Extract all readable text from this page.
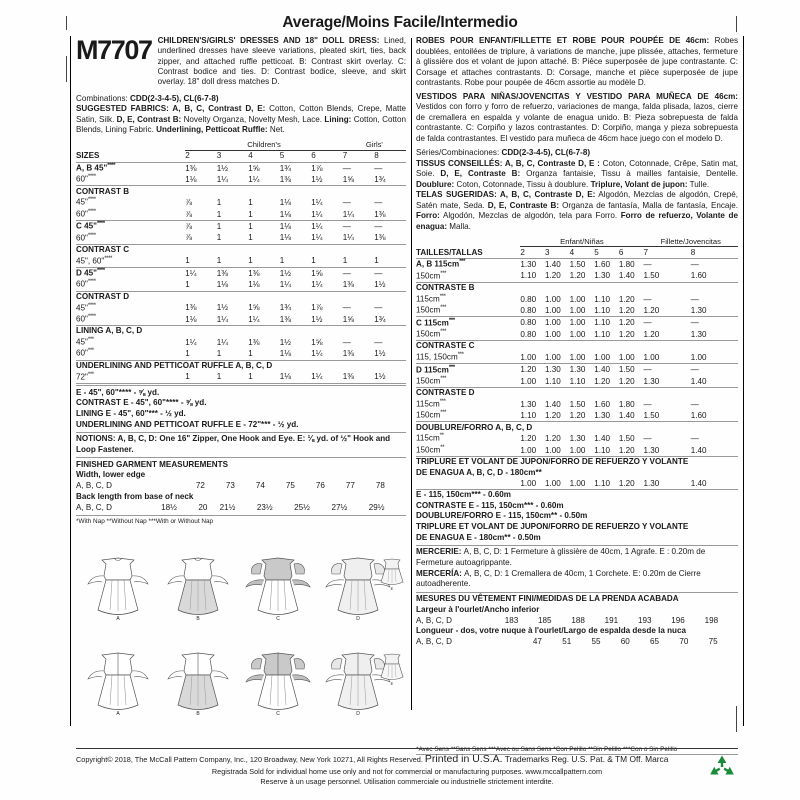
Average/Moins Facile/Intermedio
M7707 CHILDREN'S/GIRLS' DRESSES AND 18" DOLL DRESS: Lined, underlined dresses have sleeve variations, pleated skirt, ties, back zipper, and attached ruffle petticoat. B: Contrast skirt overlay. C: Contrast bodice and ties. D: Contrast bodice, sleeve, and skirt overlay. 18" doll dress matches D.
Combinations: CDD(2-3-4-5), CL(6-7-8)
SUGGESTED FABRICS: A, B, C, Contrast D, E: Cotton, Cotton Blends, Crepe, Matte Satin, Silk. D, E, Contrast B: Novelty Organza, Novelty Mesh, Lace. Lining: Cotton, Cotton Blends, Lining Fabric. Underlining, Petticoat Ruffle: Net.
	Children's					Girls'	
SIZES	2	3	4	5	6	7	8
A, B 45"****	1⅜	1½	1⅝	1¾	1⅞	—	—
60"****	1⅛	1¼	1¼	1⅜	1½	1⅝	1¾
CONTRAST B							
45"****	⅞	1	1	1⅛	1¼	—	—
60"****	⅞	1	1	1⅛	1¼	1¼	1⅜
C 45"****	⅞	1	1	1⅛	1¼	—	—
60"****	⅞	1	1	1⅛	1¼	1¼	1⅜
CONTRAST C							
45", 60"****	1	1	1	1	1	1	1
D 45"****	1¼	1⅜	1⅜	1½	1⅝	—	—
60"****	1	1⅛	1⅛	1¼	1¼	1⅜	1½
CONTRAST D							
45"****	1⅜	1½	1⅝	1¾	1⅞	—	—
60"****	1⅛	1¼	1¼	1⅜	1½	1⅝	1¾
LINING A, B, C, D							
45"***	1¼	1¼	1⅜	1½	1⅝	—	—
60"***	1	1	1	1⅛	1¼	1⅜	1½
UNDERLINING AND PETTICOAT RUFFLE A, B, C, D							
72"***	1	1	1	1⅛	1¼	1⅜	1½
E - 45", 60"**** - ⅝ yd.
CONTRAST E - 45", 60"**** - ⅝ yd.
LINING E - 45", 60"*** - ½ yd.
UNDERLINING AND PETTICOAT RUFFLE E - 72"*** - ½ yd.
NOTIONS: A, B, C, D: One 16" Zipper, One Hook and Eye. E: ⅛ yd. of ½" Hook and Loop Fastener.
FINISHED GARMENT MEASUREMENTS
Width, lower edge
A, B, C, D	72	73	74	75	76	77	78
Back length from base of neck
A, B, C, D	18½	20	21½	23½	25½	27½	29½
*With Nap **Without Nap ***With or Without Nap
A	B	C	D
E
A	B	C	D
E
ROBES POUR ENFANT/FILLETTE ET ROBE POUR POUPÉE DE 46cm: Robes doublées, entoilées de triplure, à variations de manche, jupe plissée, attaches, fermeture à glissière dos et volant de jupon attaché. B: Pièce superposée de jupe contrastante. C: Corsage et attaches contrastants. D: Corsage, manche et pièce superposée de jupe contrastants. Robe pour poupée de 46cm assortie au modèle D.
VESTIDOS PARA NIÑAS/JOVENCITAS Y VESTIDO PARA MUÑECA DE 46cm: Vestidos con forro y forro de refuerzo, variaciones de manga, falda plisada, lazos, cierre de cremallera en espalda y volante de enagua unido. B: Pieza sobrepuesta de falda contrastante. C: Corpiño y lazos contrastantes. D: Corpiño, manga y pieza sobrepuesta de falda contrastantes. El vestido para muñeca de 46cm hace juego con el modelo D.
Séries/Combinaciones: CDD(2-3-4-5), CL(6-7-8)
TISSUS CONSEILLÉS: A, B, C, Contraste D, E : Coton, Cotonnade, Crêpe, Satin mat, Soie. D, E, Contraste B: Organza fantaisie, Tissu à mailles fantaisie, Dentelle. Doublure: Coton, Cotonnade, Tissu à doublure. Triplure, Volant de jupon: Tulle.
TELAS SUGERIDAS: A, B, C, Contraste D, E: Algodón, Mezclas de algodón, Crepé, Satén mate, Seda. D, E, Contraste B: Organza de fantasía, Malla de fantasía, Encaje. Forro: Algodón, Mezclas de algodón, tela para Forro. Forro de refuerzo, Volante de enagua: Malla.
	Enfant/Niñas					Fillette/Jovencitas	
TAILLES/TALLAS	2	3	4	5	6	7	8
A, B 115cm***	1.30	1.40	1.50	1.60	1.80	—	—
150cm***	1.10	1.20	1.20	1.30	1.40	1.50	1.60
CONTRASTE B							
115cm***	0.80	1.00	1.00	1.10	1.20	—	—
150cm***	0.80	1.00	1.00	1.10	1.20	1.20	1.30
C 115cm***	0.80	1.00	1.00	1.10	1.20	—	—
150cm***	0.80	1.00	1.00	1.10	1.20	1.20	1.30
CONTRASTE C							
115, 150cm***	1.00	1.00	1.00	1.00	1.00	1.00	1.00
D 115cm***	1.20	1.30	1.30	1.40	1.50	—	—
150cm***	1.00	1.10	1.10	1.20	1.20	1.30	1.40
CONTRASTE D							
115cm***	1.30	1.40	1.50	1.60	1.80	—	—
150cm***	1.10	1.20	1.20	1.30	1.40	1.50	1.60
DOUBLURE/FORRO A, B, C, D							
115cm**	1.20	1.20	1.30	1.40	1.50	—	—
150cm**	1.00	1.00	1.00	1.10	1.20	1.30	1.40
TRIPLURE ET VOLANT DE JUPON/FORRO DE REFUERZO Y VOLANTE							
DE ENAGUA A, B, C, D - 180cm**							
	1.00	1.00	1.00	1.10	1.20	1.30	1.40
E - 115, 150cm*** - 0.60m
CONTRASTE E - 115, 150cm*** - 0.60m
DOUBLURE/FORRO E - 115, 150cm** - 0.50m
TRIPLURE ET VOLANT DE JUPON/FORRO DE REFUERZO Y VOLANTE
DE ENAGUA E - 180cm** - 0.50m
MERCERIE: A, B, C, D: 1 Fermeture à glissière de 40cm, 1 Agrafe. E : 0.20m de Fermeture autoagrippante.
MERCERÍA: A, B, C, D: 1 Cremallera de 40cm, 1 Corchete. E: 0.20m de Cierre autoadherente.
MESURES DU VÊTEMENT FINI/MEDIDAS DE LA PRENDA ACABADA
Largeur à l'ourlet/Ancho inferior
A, B, C, D	183	185	188	191	193	196	198
Longueur - dos, votre nuque à l'ourlet/Largo de espalda desde la nuca
A, B, C, D	47	51	55	60	65	70	75
*Avec Sens **Sans Sens ***Avec ou Sans Sens *Con Pelillo **Sin Pelillo ***Con o Sin Pelillo
Copyright© 2018, The McCall Pattern Company, Inc., 120 Broadway, New York 10271, All Rights Reserved. Printed in U.S.A. Trademarks Reg. U.S. Pat. & TM Off. Marca
Registrada Sold for individual home use only and not for commercial or manufacturing purposes. www.mccallpattern.com
Reserve à un usage personnel. Utilisation commerciale ou industrielle strictement interdite.
